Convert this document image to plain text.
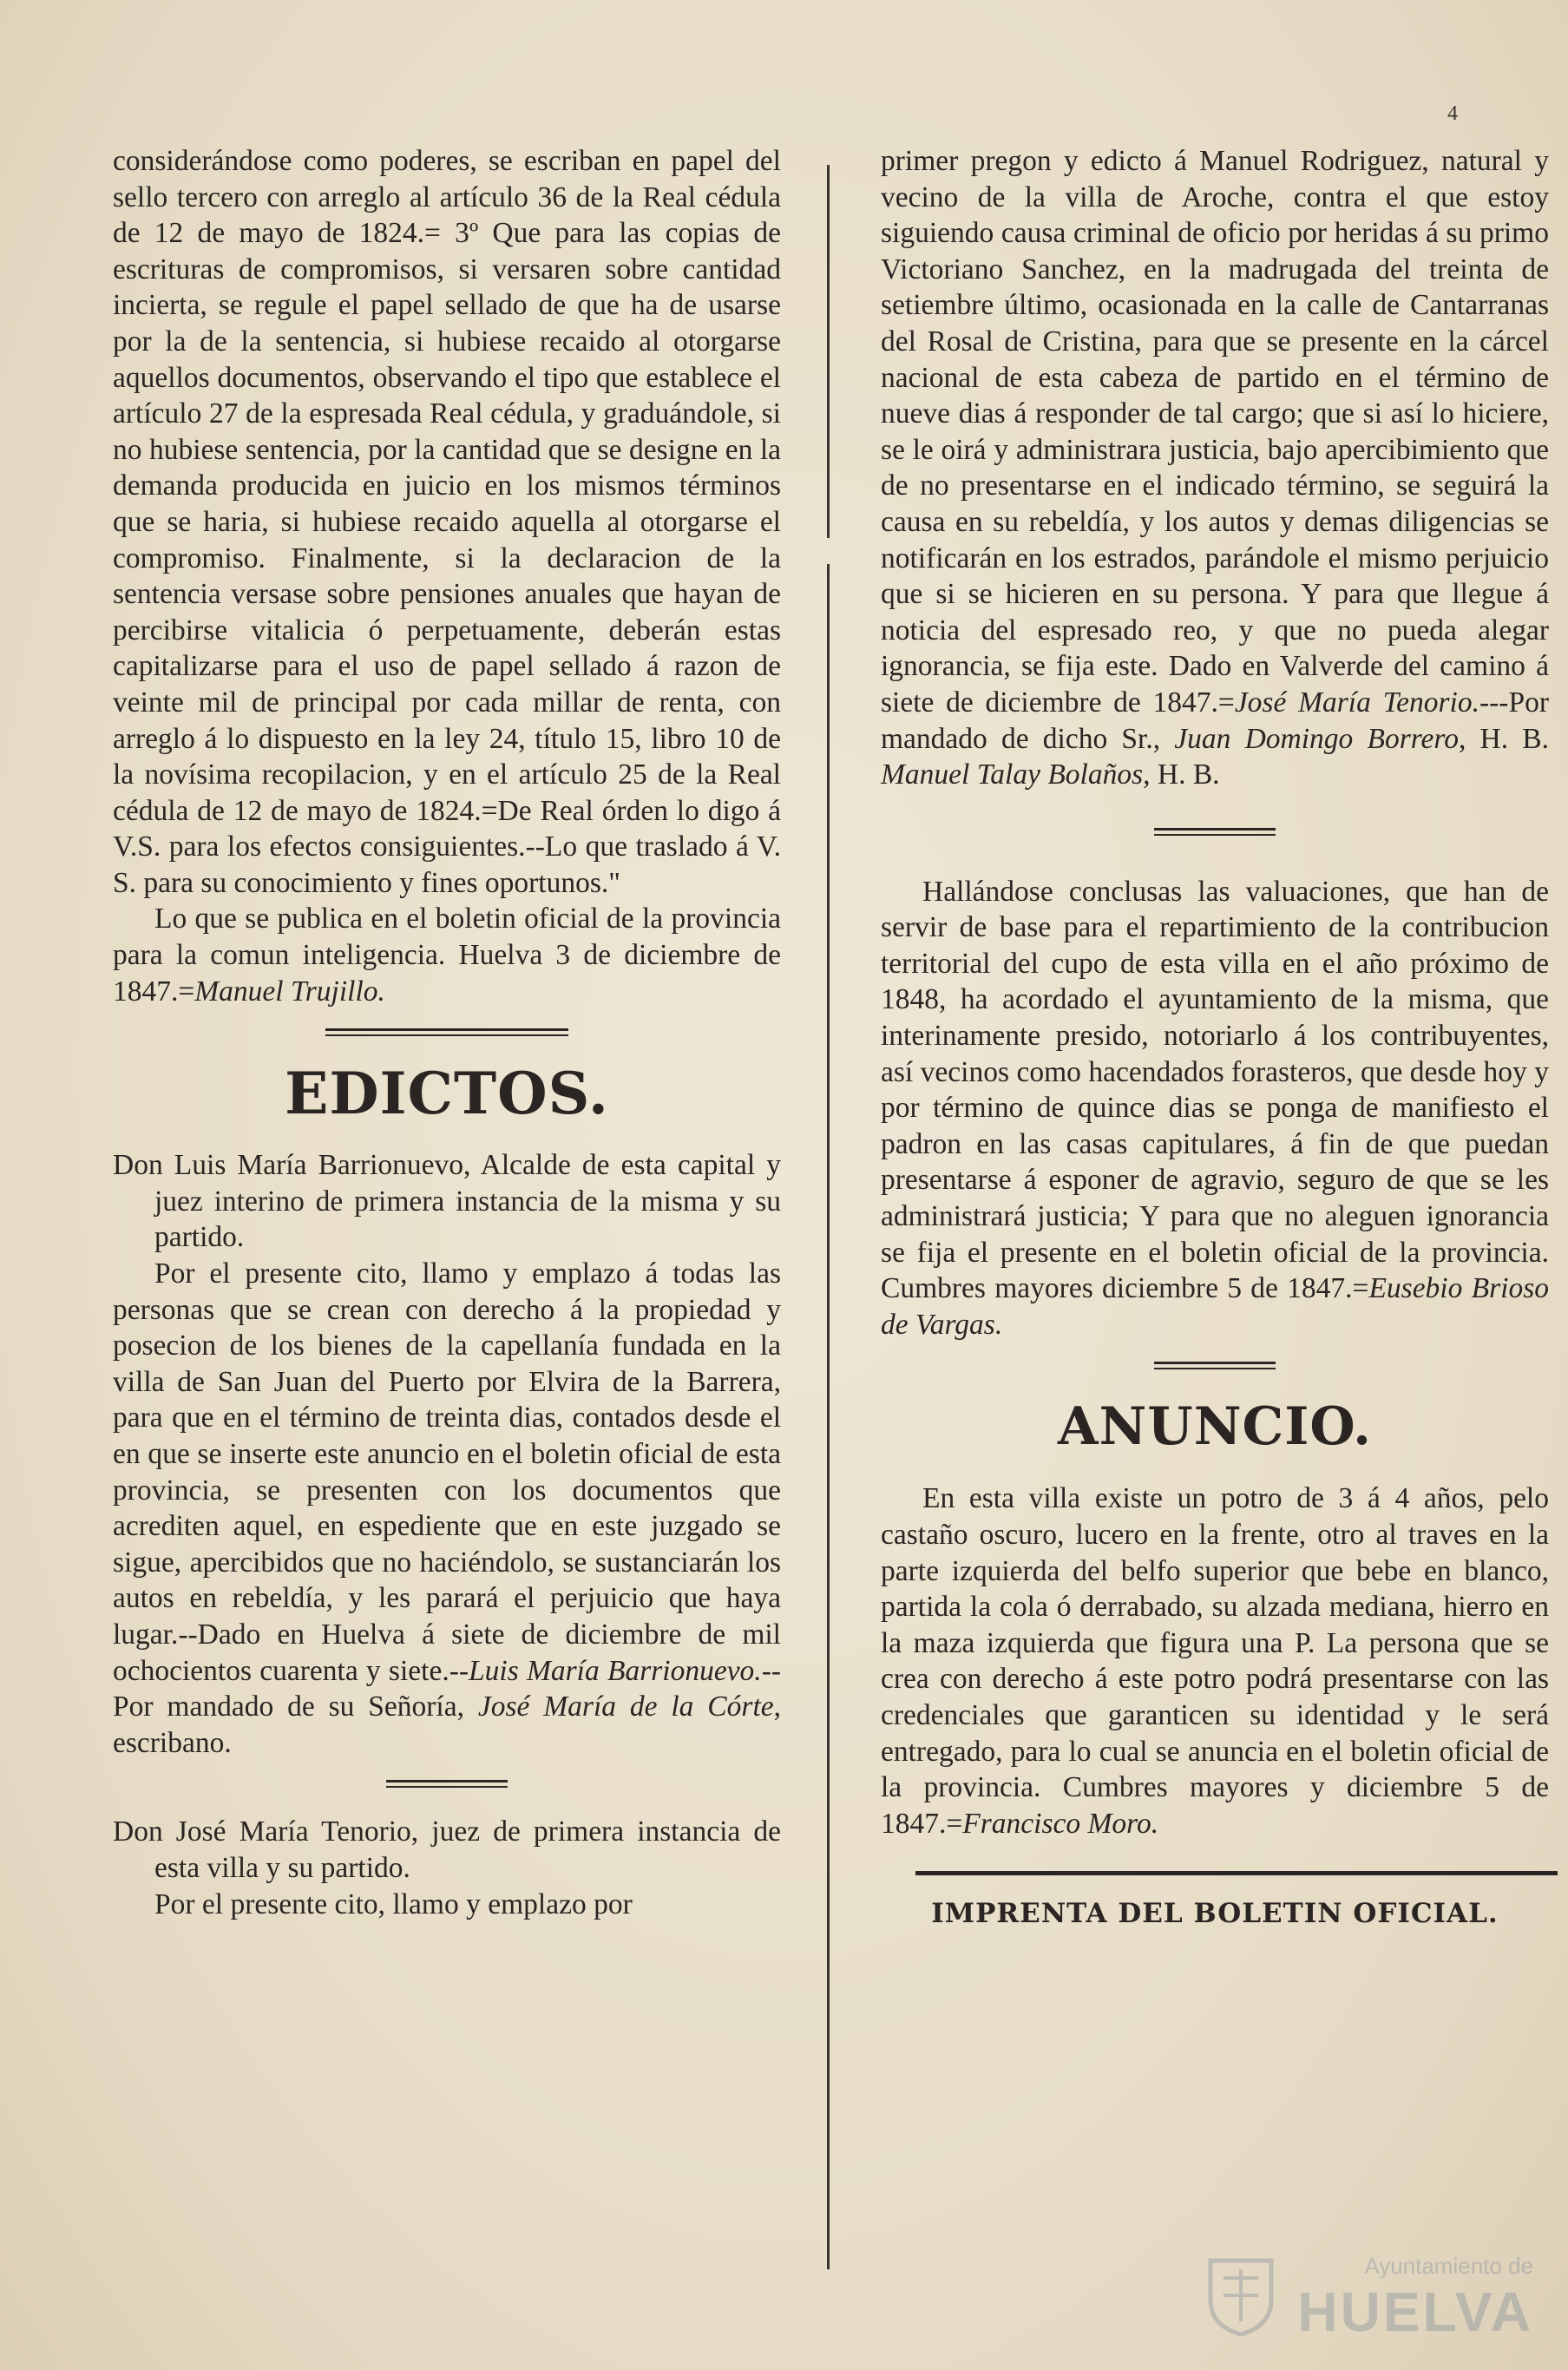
4

considerándose como poderes, se escriban en papel del sello tercero con arreglo al artículo 36 de la Real cédula de 12 de mayo de 1824.= 3º Que para las copias de escrituras de compromisos, si versaren sobre cantidad incierta, se regule el papel sellado de que ha de usarse por la de la sentencia, si hubiese recaido al otorgarse aquellos documentos, observando el tipo que establece el artículo 27 de la espresada Real cédula, y graduándole, si no hubiese sentencia, por la cantidad que se designe en la demanda producida en juicio en los mismos términos que se haria, si hubiese recaido aquella al otorgarse el compromiso. Finalmente, si la declaracion de la sentencia versase sobre pensiones anuales que hayan de percibirse vitalicia ó perpetuamente, deberán estas capitalizarse para el uso de papel sellado á razon de veinte mil de principal por cada millar de renta, con arreglo á lo dispuesto en la ley 24, título 15, libro 10 de la novísima recopilacion, y en el artículo 25 de la Real cédula de 12 de mayo de 1824.=De Real órden lo digo á V.S. para los efectos consiguientes.--Lo que traslado á V. S. para su conocimiento y fines oportunos."

Lo que se publica en el boletin oficial de la provincia para la comun inteligencia. Huelva 3 de diciembre de 1847.=Manuel Trujillo.

EDICTOS.

Don Luis María Barrionuevo, Alcalde de esta capital y juez interino de primera instancia de la misma y su partido.

Por el presente cito, llamo y emplazo á todas las personas que se crean con derecho á la propiedad y posecion de los bienes de la capellanía fundada en la villa de San Juan del Puerto por Elvira de la Barrera, para que en el término de treinta dias, contados desde el en que se inserte este anuncio en el boletin oficial de esta provincia, se presenten con los documentos que acrediten aquel, en espediente que en este juzgado se sigue, apercibidos que no haciéndolo, se sustanciarán los autos en rebeldía, y les parará el perjuicio que haya lugar.--Dado en Huelva á siete de diciembre de mil ochocientos cuarenta y siete.--Luis María Barrionuevo.--Por mandado de su Señoría, José María de la Córte, escribano.

Don José María Tenorio, juez de primera instancia de esta villa y su partido.

Por el presente cito, llamo y emplazo por

primer pregon y edicto á Manuel Rodriguez, natural y vecino de la villa de Aroche, contra el que estoy siguiendo causa criminal de oficio por heridas á su primo Victoriano Sanchez, en la madrugada del treinta de setiembre último, ocasionada en la calle de Cantarranas del Rosal de Cristina, para que se presente en la cárcel nacional de esta cabeza de partido en el término de nueve dias á responder de tal cargo; que si así lo hiciere, se le oirá y administrara justicia, bajo apercibimiento que de no presentarse en el indicado término, se seguirá la causa en su rebeldía, y los autos y demas diligencias se notificarán en los estrados, parándole el mismo perjuicio que si se hicieren en su persona. Y para que llegue á noticia del espresado reo, y que no pueda alegar ignorancia, se fija este. Dado en Valverde del camino á siete de diciembre de 1847.=José María Tenorio.---Por mandado de dicho Sr., Juan Domingo Borrero, H. B. Manuel Talay Bolaños, H. B.

Hallándose conclusas las valuaciones, que han de servir de base para el repartimiento de la contribucion territorial del cupo de esta villa en el año próximo de 1848, ha acordado el ayuntamiento de la misma, que interinamente presido, notoriarlo á los contribuyentes, así vecinos como hacendados forasteros, que desde hoy y por término de quince dias se ponga de manifiesto el padron en las casas capitulares, á fin de que puedan presentarse á esponer de agravio, seguro de que se les administrará justicia; Y para que no aleguen ignorancia se fija el presente en el boletin oficial de la provincia. Cumbres mayores diciembre 5 de 1847.=Eusebio Brioso de Vargas.

ANUNCIO.

En esta villa existe un potro de 3 á 4 años, pelo castaño oscuro, lucero en la frente, otro al traves en la parte izquierda del belfo superior que bebe en blanco, partida la cola ó derrabado, su alzada mediana, hierro en la maza izquierda que figura una P. La persona que se crea con derecho á este potro podrá presentarse con las credenciales que garanticen su identidad y le será entregado, para lo cual se anuncia en el boletin oficial de la provincia. Cumbres mayores y diciembre 5 de 1847.=Francisco Moro.

IMPRENTA DEL BOLETIN OFICIAL.
Ayuntamiento de
HUELVA
